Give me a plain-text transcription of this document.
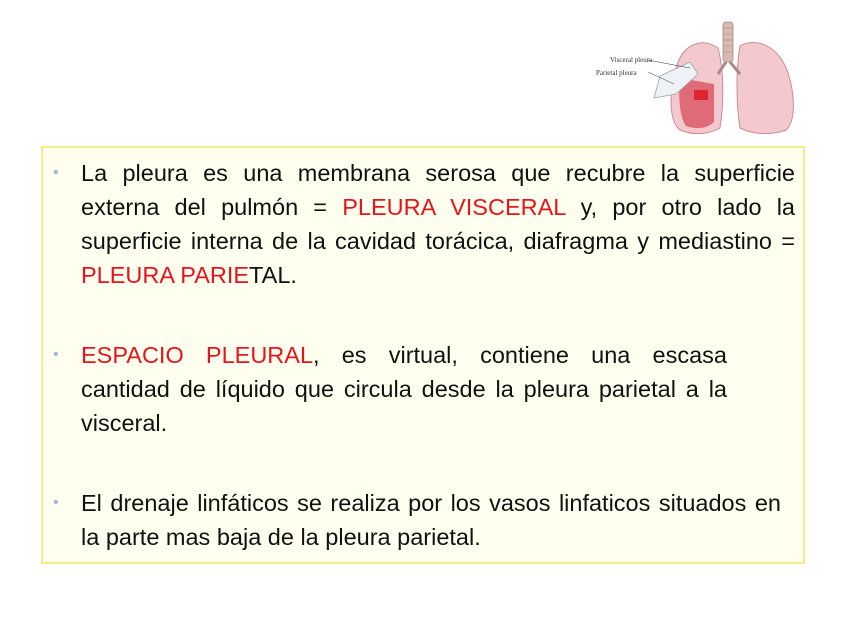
Visceral pleura
Parietal pleura
• La pleura es una membrana serosa que recubre la superficie externa del pulmón = PLEURA VISCERAL y, por otro lado la superficie interna de la cavidad torácica, diafragma y mediastino = PLEURA PARIETAL.
• ESPACIO PLEURAL, es virtual, contiene una escasa cantidad de líquido que circula desde la pleura parietal a la visceral.
• El drenaje linfáticos se realiza por los vasos linfaticos situados en la parte mas baja de la pleura parietal.
